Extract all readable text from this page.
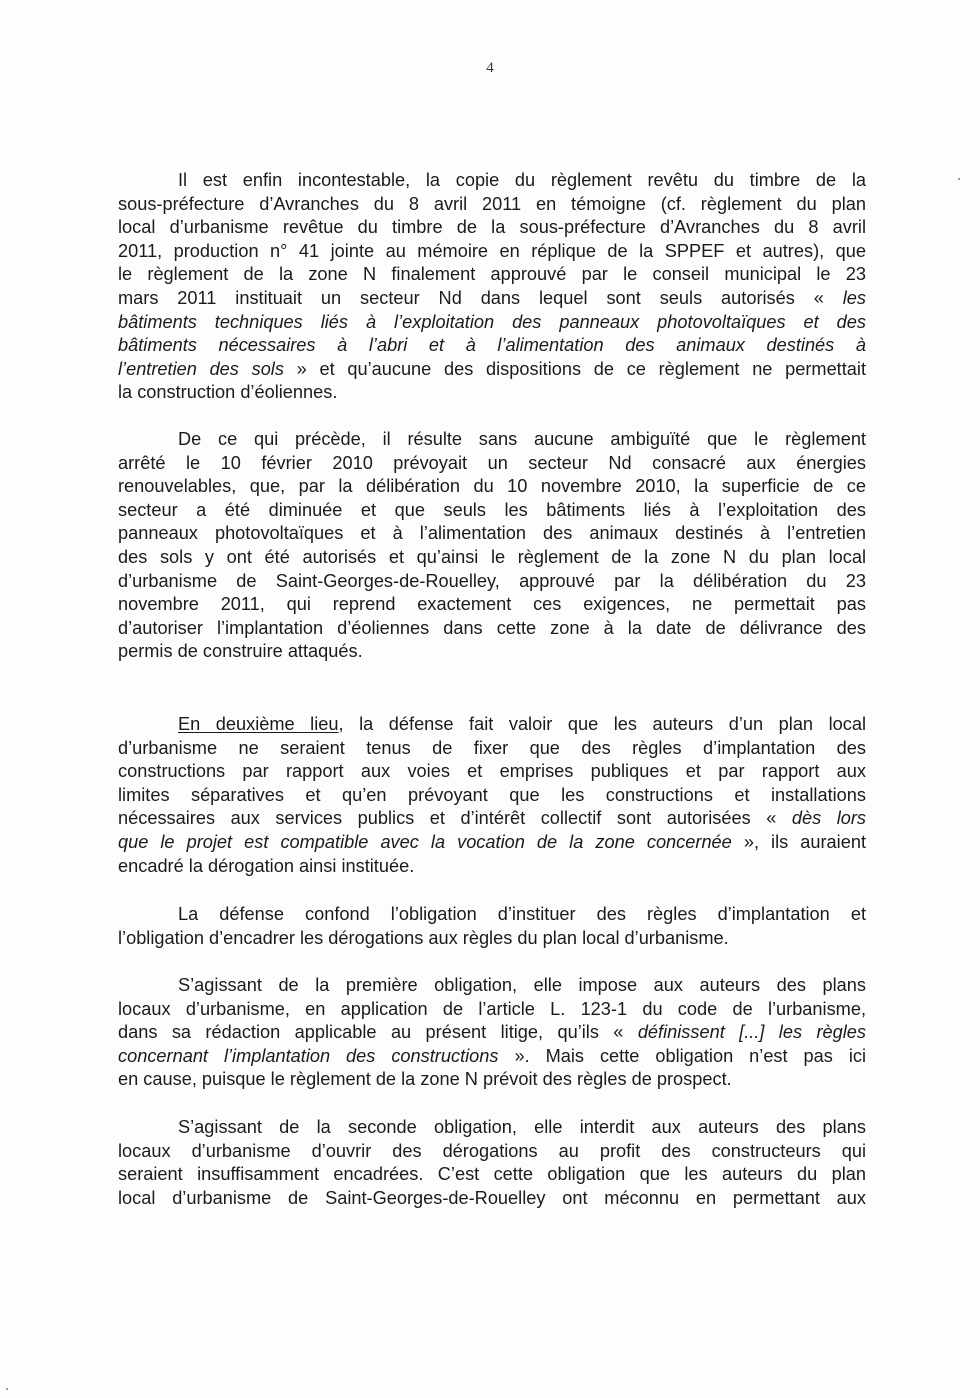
4
Il est enfin incontestable, la copie du règlement revêtu du timbre de la
sous-préfecture d’Avranches du 8 avril 2011 en témoigne (cf. règlement du plan
local d’urbanisme revêtue du timbre de la sous-préfecture d’Avranches du 8 avril
2011, production n° 41 jointe au mémoire en réplique de la SPPEF et autres), que
le règlement de la zone N finalement approuvé par le conseil municipal le 23
mars 2011 instituait un secteur Nd dans lequel sont seuls autorisés « les
bâtiments techniques liés à l’exploitation des panneaux photovoltaïques et des
bâtiments nécessaires à l’abri et à l’alimentation des animaux destinés à
l’entretien des sols » et qu’aucune des dispositions de ce règlement ne permettait
la construction d’éoliennes.
De ce qui précède, il résulte sans aucune ambiguïté que le règlement
arrêté le 10 février 2010 prévoyait un secteur Nd consacré aux énergies
renouvelables, que, par la délibération du 10 novembre 2010, la superficie de ce
secteur a été diminuée et que seuls les bâtiments liés à l’exploitation des
panneaux photovoltaïques et à l’alimentation des animaux destinés à l’entretien
des sols y ont été autorisés et qu’ainsi le règlement de la zone N du plan local
d’urbanisme de Saint-Georges-de-Rouelley, approuvé par la délibération du 23
novembre 2011, qui reprend exactement ces exigences, ne permettait pas
d’autoriser l’implantation d’éoliennes dans cette zone à la date de délivrance des
permis de construire attaqués.
En deuxième lieu, la défense fait valoir que les auteurs d’un plan local
d’urbanisme ne seraient tenus de fixer que des règles d’implantation des
constructions par rapport aux voies et emprises publiques et par rapport aux
limites séparatives et qu’en prévoyant que les constructions et installations
nécessaires aux services publics et d’intérêt collectif sont autorisées « dès lors
que le projet est compatible avec la vocation de la zone concernée », ils auraient
encadré la dérogation ainsi instituée.
La défense confond l’obligation d’instituer des règles d’implantation et
l’obligation d’encadrer les dérogations aux règles du plan local d’urbanisme.
S’agissant de la première obligation, elle impose aux auteurs des plans
locaux d’urbanisme, en application de l’article L. 123-1 du code de l’urbanisme,
dans sa rédaction applicable au présent litige, qu’ils « définissent [...] les règles
concernant l’implantation des constructions ». Mais cette obligation n’est pas ici
en cause, puisque le règlement de la zone N prévoit des règles de prospect.
S’agissant de la seconde obligation, elle interdit aux auteurs des plans
locaux d’urbanisme d’ouvrir des dérogations au profit des constructeurs qui
seraient insuffisamment encadrées. C’est cette obligation que les auteurs du plan
local d’urbanisme de Saint-Georges-de-Rouelley ont méconnu en permettant aux
